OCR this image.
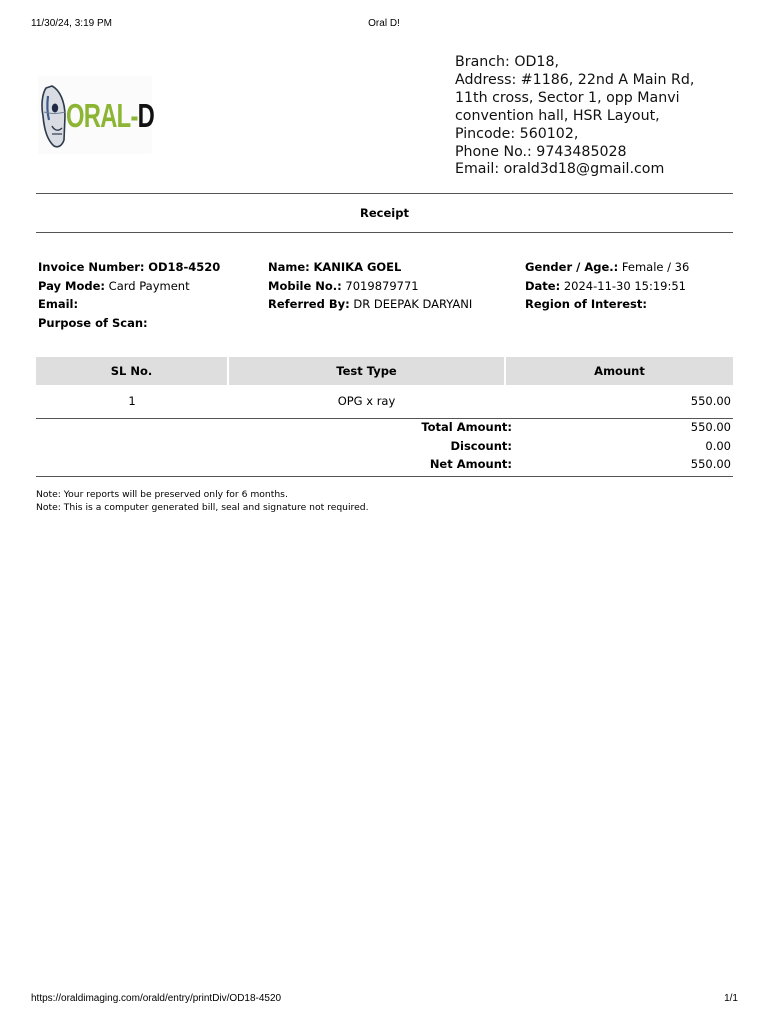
11/30/24, 3:19 PM	Oral D!
ORAL-D
Branch: OD18,
Address: #1186, 22nd A Main Rd,
11th cross, Sector 1, opp Manvi
convention hall, HSR Layout,
Pincode: 560102,
Phone No.: 9743485028
Email: orald3d18@gmail.com
Receipt
Invoice Number: OD18-4520
Pay Mode: Card Payment
Email:
Purpose of Scan:
Name: KANIKA GOEL
Mobile No.: 7019879771
Referred By: DR DEEPAK DARYANI
Gender / Age.: Female / 36
Date: 2024-11-30 15:19:51
Region of Interest:
SL No.	Test Type	Amount
1	OPG x ray	550.00
Total Amount:	550.00
Discount:	0.00
Net Amount:	550.00
Note: Your reports will be preserved only for 6 months.
Note: This is a computer generated bill, seal and signature not required.
https://oraldimaging.com/orald/entry/printDiv/OD18-4520	1/1
